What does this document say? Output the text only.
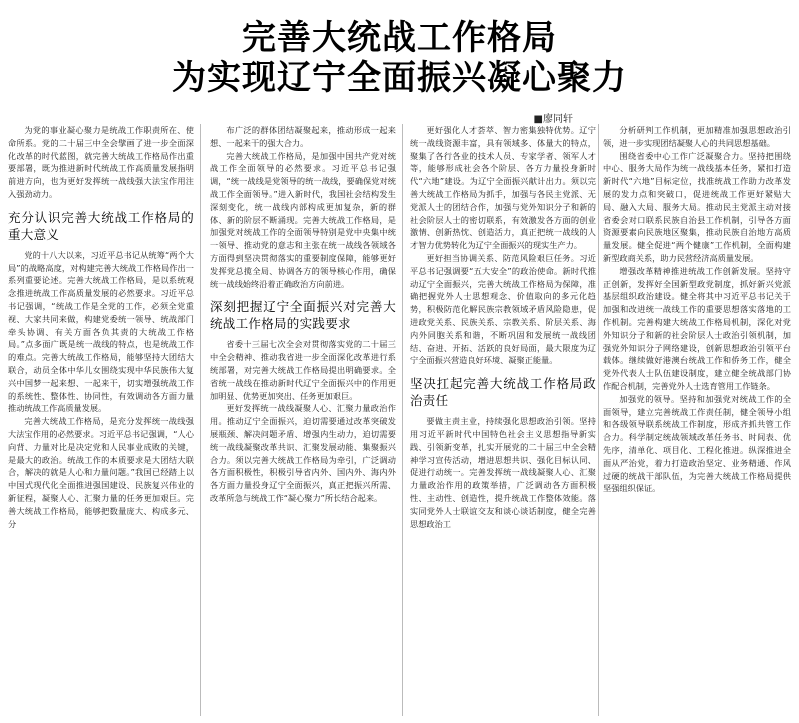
完善大统战工作格局
为实现辽宁全面振兴凝心聚力
■廖同轩

为党的事业凝心聚力是统战工作职责所在、使命所系。党的二十届三中全会擘画了进一步全面深化改革的时代蓝图，就完善大统战工作格局作出重要部署，既为推进新时代统战工作高质量发展指明前进方向，也为更好发挥统一战线强大法宝作用注入强劲动力。

充分认识完善大统战工作格局的重大意义

党的十八大以来，习近平总书记从统筹“两个大局”的战略高度，对构建完善大统战工作格局作出一系列重要论述。完善大统战工作格局，是以系统观念推进统战工作高质量发展的必然要求。习近平总书记强调，“统战工作是全党的工作，必须全党重视、大家共同来做，构建党委统一领导、统战部门牵头协调、有关方面各负其责的大统战工作格局。”点多面广既是统一战线的特点，也是统战工作的难点。完善大统战工作格局，能够坚持大团结大联合，动员全体中华儿女围绕实现中华民族伟大复兴中国梦一起来想、一起来干，切实增强统战工作的系统性、整体性、协同性，有效调动各方面力量推动统战工作高质量发展。

完善大统战工作格局，是充分发挥统一战线强大法宝作用的必然要求。习近平总书记强调，“人心向背、力量对比是决定党和人民事业成败的关键，是最大的政治。统战工作的本质要求是大团结大联合，解决的就是人心和力量问题。”我国已经踏上以中国式现代化全面推进强国建设、民族复兴伟业的新征程，凝聚人心、汇聚力量的任务更加艰巨。完善大统战工作格局，能够把数量庞大、构成多元、分

布广泛的群体团结凝聚起来，推动形成一起来想、一起来干的强大合力。

完善大统战工作格局，是加强中国共产党对统战工作全面领导的必然要求。习近平总书记强调，“统一战线是党领导的统一战线，要确保党对统战工作全面领导。”进入新时代，我国社会结构发生深刻变化，统一战线内部构成更加复杂，新的群体、新的阶层不断涌现。完善大统战工作格局，是加强党对统战工作的全面领导特别是党中央集中统一领导、推动党的意志和主张在统一战线各领域各方面得到坚决贯彻落实的重要制度保障，能够更好发挥党总揽全局、协调各方的领导核心作用，确保统一战线始终沿着正确政治方向前进。

深刻把握辽宁全面振兴对完善大统战工作格局的实践要求

省委十三届七次全会对贯彻落实党的二十届三中全会精神、推动我省进一步全面深化改革进行系统部署，对完善大统战工作格局提出明确要求。全省统一战线在推动新时代辽宁全面振兴中的作用更加明显、优势更加突出、任务更加艰巨。

更好发挥统一战线凝聚人心、汇聚力量政治作用。推动辽宁全面振兴，迫切需要通过改革突破发展瓶颈、解决问题矛盾、增强内生动力，迫切需要统一战线凝聚改革共识、汇聚发展动能、集聚振兴合力。须以完善大统战工作格局为牵引，广泛调动各方面积极性，积极引导省内外、国内外、海内外各方面力量投身辽宁全面振兴，真正把振兴所需、改革所急与统战工作“凝心聚力”所长结合起来。

更好强化人才荟萃、智力密集独特优势。辽宁统一战线资源丰富，具有领域多、体量大的特点，聚集了各行各业的技术人员、专家学者、领军人才等，能够形成社会各个阶层、各方力量投身新时代“六地”建设。为辽宁全面振兴献计出力。须以完善大统战工作格局为抓手，加强与各民主党派、无党派人士的团结合作，加强与党外知识分子和新的社会阶层人士的密切联系，有效激发各方面的创业激情、创新热忱、创造活力，真正把统一战线的人才智力优势转化为辽宁全面振兴的现实生产力。

更好担当协调关系、防范风险艰巨任务。习近平总书记强调要“五大安全”的政治使命。新时代推动辽宁全面振兴，完善大统战工作格局为保障，准确把握党外人士思想观念、价值取向的多元化趋势，积极防范化解民族宗教领域矛盾风险隐患，促进政党关系、民族关系、宗教关系、阶层关系、海内外同胞关系和谐，不断巩固和发展统一战线团结、奋进、开拓、活跃的良好局面，最大限度为辽宁全面振兴营造良好环境、凝聚正能量。

坚决扛起完善大统战工作格局政治责任

要做主责主业，持续强化思想政治引领。坚持用习近平新时代中国特色社会主义思想指导新实践、引领新变革，扎实开展党的二十届三中全会精神学习宣传活动，增进思想共识、强化目标认同、促进行动统一。完善发挥统一战线凝聚人心、汇聚力量政治作用的政策举措，广泛调动各方面积极性、主动性、创造性，提升统战工作整体效能。落实同党外人士联谊交友和谈心谈话制度，健全完善思想政治工

分析研判工作机制，更加精准加强思想政治引领，进一步实现团结凝聚人心的共同思想基础。

围绕省委中心工作广泛凝聚合力。坚持把围绕中心、服务大局作为统一战线基本任务，紧扣打造新时代“六地”目标定位，找准统战工作助力改革发展的发力点和突破口，促进统战工作更好紧贴大局、融入大局、服务大局。推动民主党派主动对接省委会对口联系民族自治县工作机制，引导各方面资源要素向民族地区聚集，推动民族自治地方高质量发展。健全促进“两个健康”工作机制，全面构建新型政商关系，助力民营经济高质量发展。

增强改革精神推进统战工作创新发展。坚持守正创新，发挥好全国新型政党制度，抓好新兴党派基层组织政治建设。健全将其中习近平总书记关于加强和改进统一战线工作的重要思想落实落地的工作机制。完善构建大统战工作格局机制，深化对党外知识分子和新的社会阶层人士政治引领机制，加强党外知识分子网络建设，创新思想政治引领平台载体。继续做好港澳台统战工作和侨务工作，健全党外代表人士队伍建设制度，建立健全统战部门协作配合机制，完善党外人士选育管用工作链条。

加强党的领导。坚持和加强党对统战工作的全面领导，建立完善统战工作责任制，健全领导小组和各级领导联系统战工作制度，形成齐抓共管工作合力。科学制定统战领域改革任务书、时间表、优先序，清单化、项目化、工程化推进。纵深推进全面从严治党，着力打造政治坚定、业务精通、作风过硬的统战干部队伍，为完善大统战工作格局提供坚强组织保证。
